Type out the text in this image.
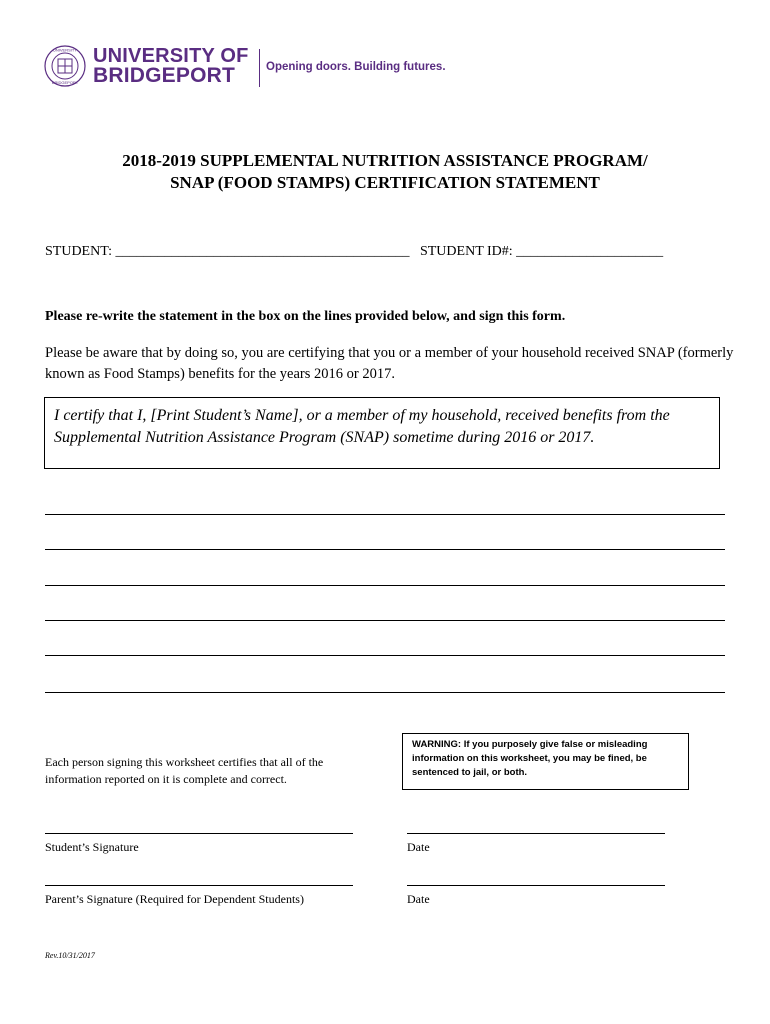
UNIVERSITY
BRIDGEPORT
UNIVERSITY OF
BRIDGEPORT	Opening doors. Building futures.
2018-2019 SUPPLEMENTAL NUTRITION ASSISTANCE PROGRAM/
SNAP (FOOD STAMPS) CERTIFICATION STATEMENT
STUDENT: __________________________________________ STUDENT ID#: _____________________
Please re-write the statement in the box on the lines provided below, and sign this form.
Please be aware that by doing so, you are certifying that you or a member of your household received SNAP (formerly known as Food Stamps) benefits for the years 2016 or 2017.
I certify that I, [Print Student’s Name], or a member of my household, received benefits from the Supplemental Nutrition Assistance Program (SNAP) sometime during 2016 or 2017.
Each person signing this worksheet certifies that all of the information reported on it is complete and correct.
WARNING: If you purposely give false or misleading information on this worksheet, you may be fined, be sentenced to jail, or both.
Student’s Signature	Date
Parent’s Signature (Required for Dependent Students)	Date
Rev.10/31/2017
